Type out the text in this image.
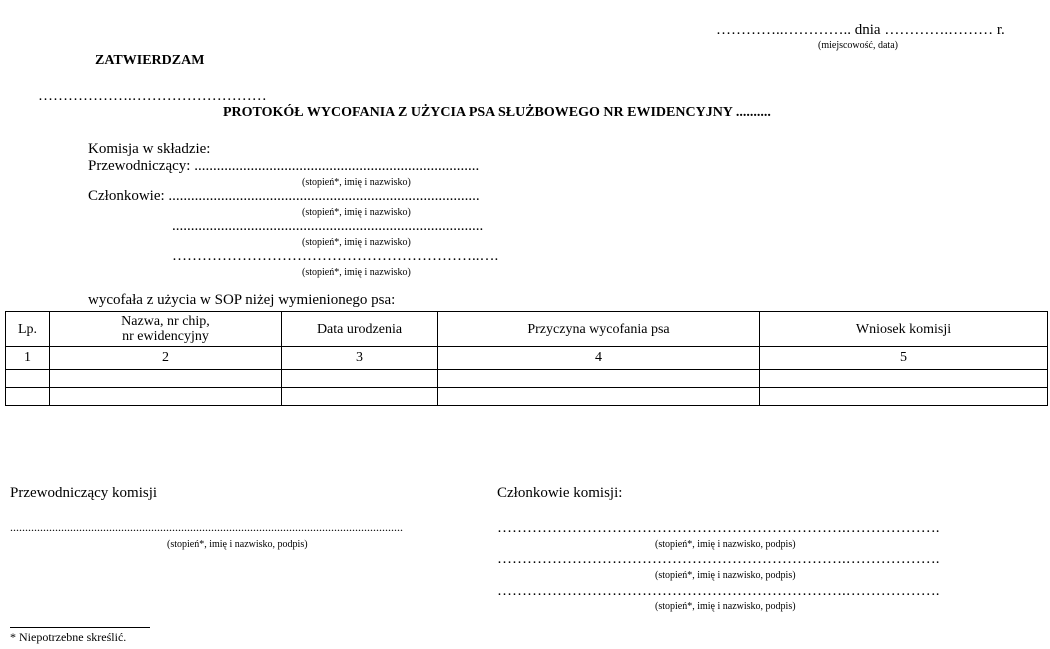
…………..………….. dnia ………….……… r.
(miejscowość, data)
ZATWIERDZAM
……………….………………………
PROTOKÓŁ WYCOFANIA Z UŻYCIA PSA SŁUŻBOWEGO NR EWIDENCYJNY ..........
Komisja w składzie:
Przewodniczący: ............................................................................
(stopień*, imię i nazwisko)
Członkowie: ...................................................................................
(stopień*, imię i nazwisko)
...................................................................................
(stopień*, imię i nazwisko)
……………………………………………………..….
(stopień*, imię i nazwisko)
wycofała z użycia w SOP niżej wymienionego psa:
Lp.	Nazwa, nr chip,
nr ewidencyjny	Data urodzenia	Przyczyna wycofania psa	Wniosek komisji
1	2	3	4	5

Przewodniczący komisji
...................................................................................................................................
(stopień*, imię i nazwisko, podpis)
Członkowie komisji:
…………………………………………………………….……………….
(stopień*, imię i nazwisko, podpis)
…………………………………………………………….……………….
(stopień*, imię i nazwisko, podpis)
…………………………………………………………….……………….
(stopień*, imię i nazwisko, podpis)
* Niepotrzebne skreślić.
